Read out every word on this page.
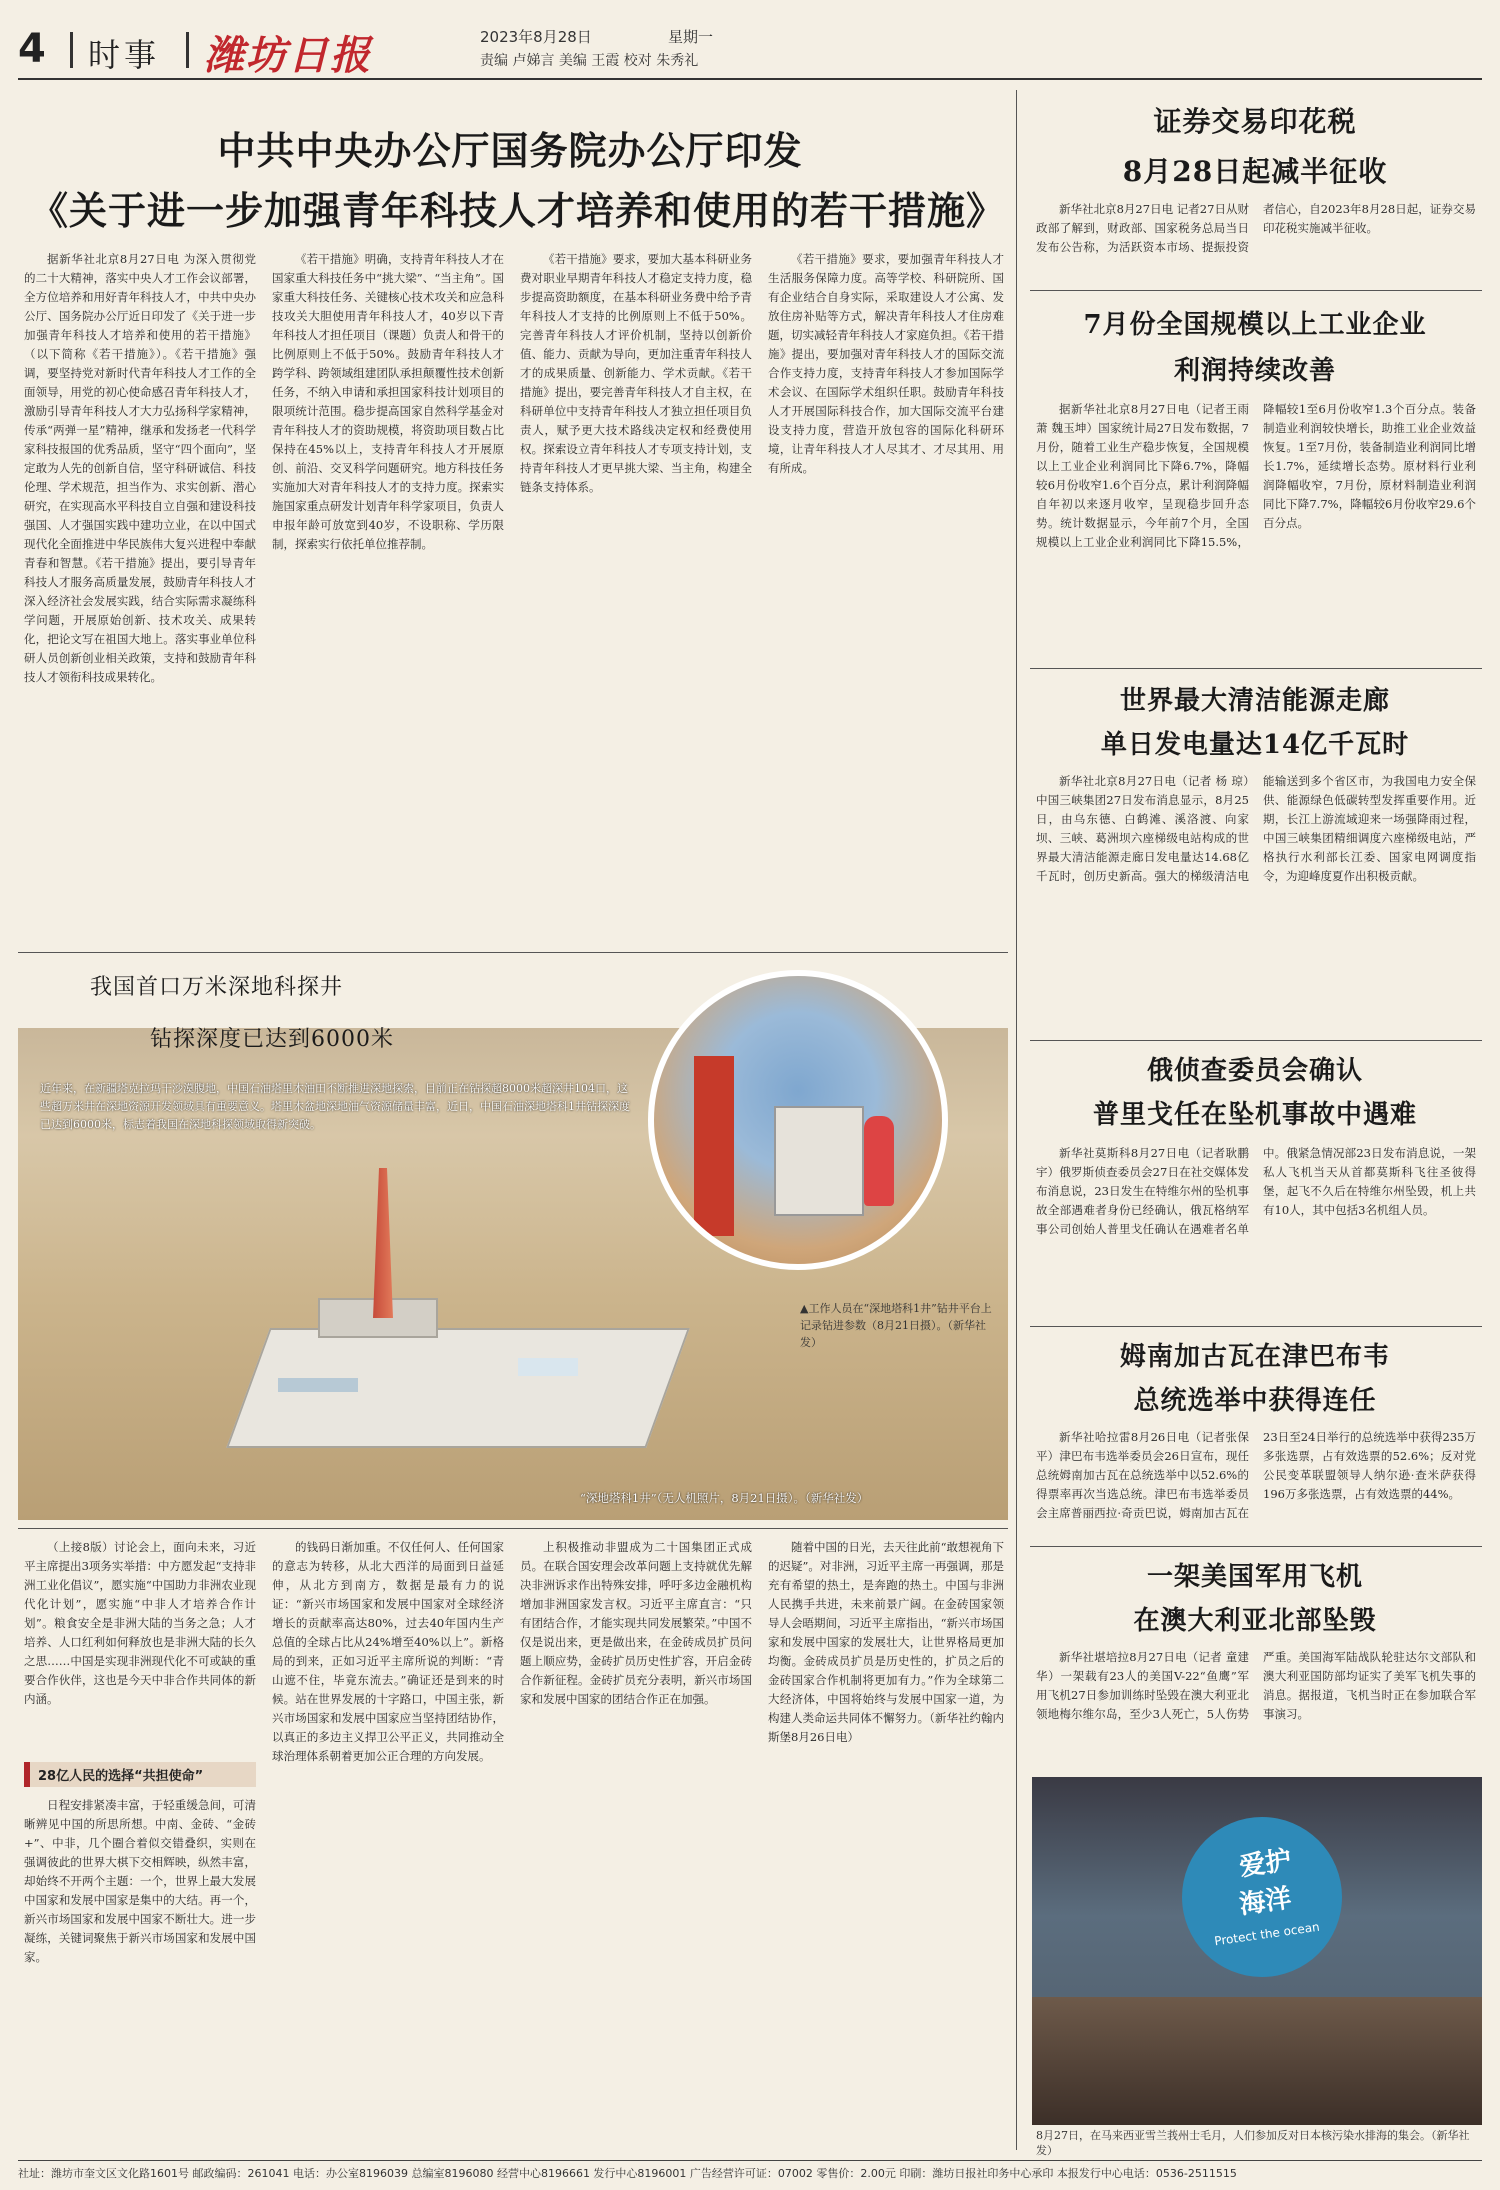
4 时事 潍坊日报	2023年8月28日	星期一
责编 卢娣言 美编 王霞 校对 朱秀礼
中共中央办公厅国务院办公厅印发
《关于进一步加强青年科技人才培养和使用的若干措施》

据新华社北京8月27日电 为深入贯彻党的二十大精神，落实中央人才工作会议部署，全方位培养和用好青年科技人才，中共中央办公厅、国务院办公厅近日印发了《关于进一步加强青年科技人才培养和使用的若干措施》（以下简称《若干措施》）。《若干措施》强调，要坚持党对新时代青年科技人才工作的全面领导，用党的初心使命感召青年科技人才，激励引导青年科技人才大力弘扬科学家精神，传承“两弹一星”精神，继承和发扬老一代科学家科技报国的优秀品质，坚守“四个面向”，坚定敢为人先的创新自信，坚守科研诚信、科技伦理、学术规范，担当作为、求实创新、潜心研究，在实现高水平科技自立自强和建设科技强国、人才强国实践中建功立业，在以中国式现代化全面推进中华民族伟大复兴进程中奉献青春和智慧。《若干措施》提出，要引导青年科技人才服务高质量发展，鼓励青年科技人才深入经济社会发展实践，结合实际需求凝练科学问题，开展原始创新、技术攻关、成果转化，把论文写在祖国大地上。落实事业单位科研人员创新创业相关政策，支持和鼓励青年科技人才领衔科技成果转化。

《若干措施》明确，支持青年科技人才在国家重大科技任务中“挑大梁”、“当主角”。国家重大科技任务、关键核心技术攻关和应急科技攻关大胆使用青年科技人才，40岁以下青年科技人才担任项目（课题）负责人和骨干的比例原则上不低于50%。鼓励青年科技人才跨学科、跨领域组建团队承担颠覆性技术创新任务，不纳入申请和承担国家科技计划项目的限项统计范围。稳步提高国家自然科学基金对青年科技人才的资助规模，将资助项目数占比保持在45%以上，支持青年科技人才开展原创、前沿、交叉科学问题研究。地方科技任务实施加大对青年科技人才的支持力度。探索实施国家重点研发计划青年科学家项目，负责人申报年龄可放宽到40岁，不设职称、学历限制，探索实行依托单位推荐制。

《若干措施》要求，要加大基本科研业务费对职业早期青年科技人才稳定支持力度，稳步提高资助额度，在基本科研业务费中给予青年科技人才支持的比例原则上不低于50%。完善青年科技人才评价机制，坚持以创新价值、能力、贡献为导向，更加注重青年科技人才的成果质量、创新能力、学术贡献。《若干措施》提出，要完善青年科技人才自主权，在科研单位中支持青年科技人才独立担任项目负责人，赋予更大技术路线决定权和经费使用权。探索设立青年科技人才专项支持计划，支持青年科技人才更早挑大梁、当主角，构建全链条支持体系。

《若干措施》要求，要加强青年科技人才生活服务保障力度。高等学校、科研院所、国有企业结合自身实际，采取建设人才公寓、发放住房补贴等方式，解决青年科技人才住房难题，切实减轻青年科技人才家庭负担。《若干措施》提出，要加强对青年科技人才的国际交流合作支持力度，支持青年科技人才参加国际学术会议、在国际学术组织任职。鼓励青年科技人才开展国际科技合作，加大国际交流平台建设支持力度，营造开放包容的国际化科研环境，让青年科技人才人尽其才、才尽其用、用有所成。

我国首口万米深地科探井
钻探深度已达到6000米
近年来，在新疆塔克拉玛干沙漠腹地，中国石油塔里木油田不断推进深地探索，目前正在钻探超8000米超深井104口，这些超万米井在深地资源开发领域具有重要意义。塔里木盆地深地油气资源储量丰富，近日，中国石油深地塔科1井钻探深度已达到6000米，标志着我国在深地科探领域取得新突破。
▲工作人员在“深地塔科1井”钻井平台上记录钻进参数（8月21日摄）。（新华社发）
“深地塔科1井”（无人机照片，8月21日摄）。（新华社发）

（上接8版）讨论会上，面向未来，习近平主席提出3项务实举措：中方愿发起“支持非洲工业化倡议”，愿实施“中国助力非洲农业现代化计划”，愿实施“中非人才培养合作计划”。粮食安全是非洲大陆的当务之急；人才培养、人口红利如何释放也是非洲大陆的长久之思……中国是实现非洲现代化不可或缺的重要合作伙伴，这也是今天中非合作共同体的新内涵。

28亿人民的选择“共担使命”

日程安排紧凑丰富，于轻重缓急间，可清晰辨见中国的所思所想。中南、金砖、“金砖+”、中非，几个圈合着似交错叠织，实则在强调彼此的世界大棋下交相辉映，纵然丰富，却始终不开两个主题：一个，世界上最大发展中国家和发展中国家是集中的大结。再一个，新兴市场国家和发展中国家不断壮大。进一步凝练，关键词聚焦于新兴市场国家和发展中国家。

的钱码日渐加重。不仅任何人、任何国家的意志为转移，从北大西洋的局面到日益延伸，从北方到南方，数据是最有力的说证：“新兴市场国家和发展中国家对全球经济增长的贡献率高达80%，过去40年国内生产总值的全球占比从24%增至40%以上”。新格局的到来，正如习近平主席所说的判断：“青山遮不住，毕竟东流去。”确证还是到来的时候。站在世界发展的十字路口，中国主张，新兴市场国家和发展中国家应当坚持团结协作，以真正的多边主义捍卫公平正义，共同推动全球治理体系朝着更加公正合理的方向发展。

上积极推动非盟成为二十国集团正式成员。在联合国安理会改革问题上支持就优先解决非洲诉求作出特殊安排，呼吁多边金融机构增加非洲国家发言权。习近平主席直言：“只有团结合作，才能实现共同发展繁荣。”中国不仅是说出来，更是做出来，在金砖成员扩员问题上顺应势，金砖扩员历史性扩容，开启金砖合作新征程。金砖扩员充分表明，新兴市场国家和发展中国家的团结合作正在加强。

随着中国的日光，去天往此前“敢想视角下的迟疑”。对非洲，习近平主席一再强调，那是充有希望的热土，是奔跑的热土。中国与非洲人民携手共进，未来前景广阔。在金砖国家领导人会晤期间，习近平主席指出，“新兴市场国家和发展中国家的发展壮大，让世界格局更加均衡。金砖成员扩员是历史性的，扩员之后的金砖国家合作机制将更加有力。”作为全球第二大经济体，中国将始终与发展中国家一道，为构建人类命运共同体不懈努力。（新华社约翰内斯堡8月26日电）

证券交易印花税
8月28日起减半征收

新华社北京8月27日电 记者27日从财政部了解到，财政部、国家税务总局当日发布公告称，为活跃资本市场、提振投资者信心，自2023年8月28日起，证券交易印花税实施减半征收。

7月份全国规模以上工业企业
利润持续改善

据新华社北京8月27日电（记者王雨萧 魏玉坤）国家统计局27日发布数据，7月份，随着工业生产稳步恢复，全国规模以上工业企业利润同比下降6.7%，降幅较6月份收窄1.6个百分点，累计利润降幅自年初以来逐月收窄，呈现稳步回升态势。统计数据显示，今年前7个月，全国规模以上工业企业利润同比下降15.5%，降幅较1至6月份收窄1.3个百分点。装备制造业利润较快增长，助推工业企业效益恢复。1至7月份，装备制造业利润同比增长1.7%，延续增长态势。原材料行业利润降幅收窄，7月份，原材料制造业利润同比下降7.7%，降幅较6月份收窄29.6个百分点。

世界最大清洁能源走廊
单日发电量达14亿千瓦时

新华社北京8月27日电（记者 杨 琼）中国三峡集团27日发布消息显示，8月25日，由乌东德、白鹤滩、溪洛渡、向家坝、三峡、葛洲坝六座梯级电站构成的世界最大清洁能源走廊日发电量达14.68亿千瓦时，创历史新高。强大的梯级清洁电能输送到多个省区市，为我国电力安全保供、能源绿色低碳转型发挥重要作用。近期，长江上游流域迎来一场强降雨过程，中国三峡集团精细调度六座梯级电站，严格执行水利部长江委、国家电网调度指令，为迎峰度夏作出积极贡献。

俄侦查委员会确认
普里戈任在坠机事故中遇难

新华社莫斯科8月27日电（记者耿鹏宇）俄罗斯侦查委员会27日在社交媒体发布消息说，23日发生在特维尔州的坠机事故全部遇难者身份已经确认，俄瓦格纳军事公司创始人普里戈任确认在遇难者名单中。俄紧急情况部23日发布消息说，一架私人飞机当天从首都莫斯科飞往圣彼得堡，起飞不久后在特维尔州坠毁，机上共有10人，其中包括3名机组人员。

姆南加古瓦在津巴布韦
总统选举中获得连任

新华社哈拉雷8月26日电（记者张保平）津巴布韦选举委员会26日宣布，现任总统姆南加古瓦在总统选举中以52.6%的得票率再次当选总统。津巴布韦选举委员会主席普丽西拉·奇贡巴说，姆南加古瓦在23日至24日举行的总统选举中获得235万多张选票，占有效选票的52.6%；反对党公民变革联盟领导人纳尔逊·查米萨获得196万多张选票，占有效选票的44%。

一架美国军用飞机
在澳大利亚北部坠毁

新华社堪培拉8月27日电（记者 童建华）一架载有23人的美国V-22“鱼鹰”军用飞机27日参加训练时坠毁在澳大利亚北领地梅尔维尔岛，至少3人死亡，5人伤势严重。美国海军陆战队轮驻达尔文部队和澳大利亚国防部均证实了美军飞机失事的消息。据报道，飞机当时正在参加联合军事演习。

爱护
海洋
Protect the ocean
8月27日，在马来西亚雪兰莪州士毛月，人们参加反对日本核污染水排海的集会。（新华社发）
社址：潍坊市奎文区文化路1601号 邮政编码：261041 电话：办公室8196039 总编室8196080 经营中心8196661 发行中心8196001 广告经营许可证：07002 零售价：2.00元 印刷：潍坊日报社印务中心承印 本报发行中心电话：0536-2511515
